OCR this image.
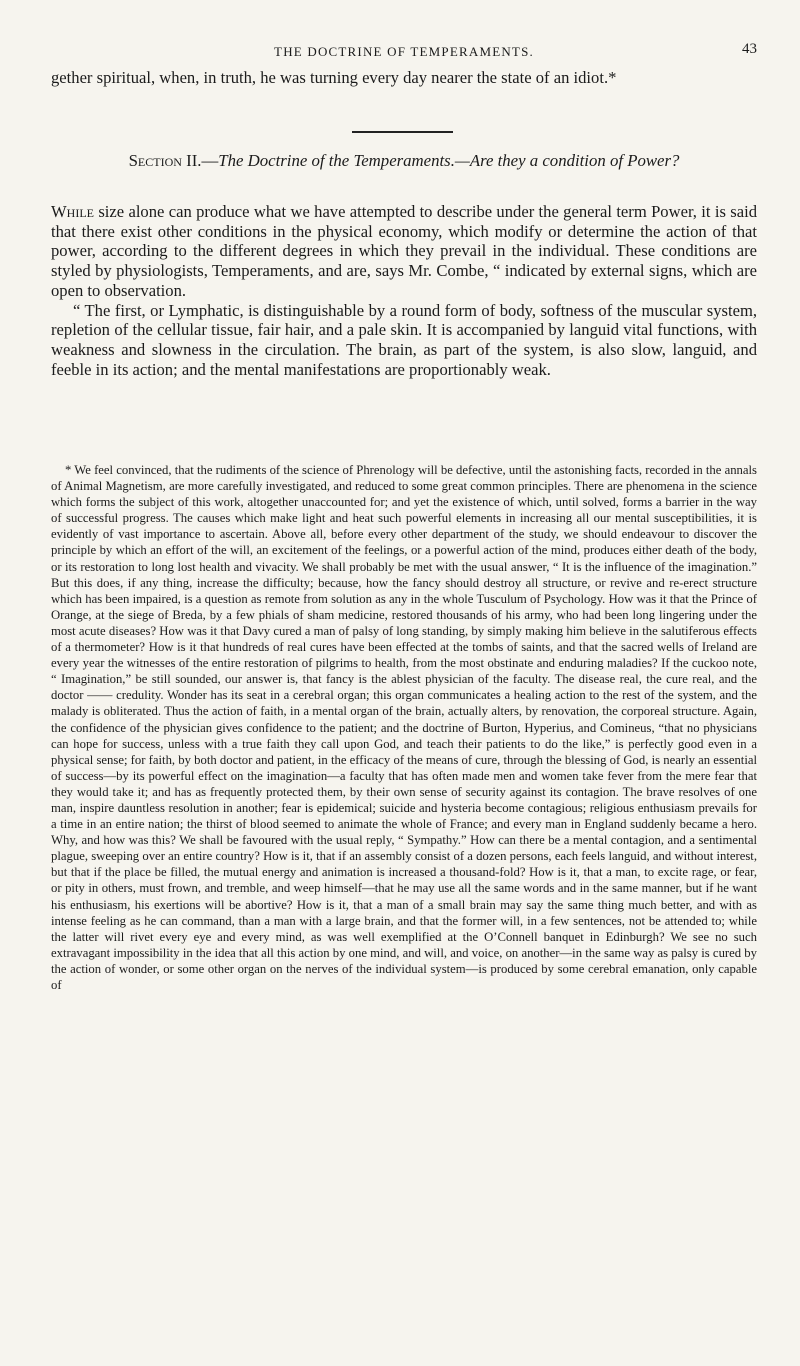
THE DOCTRINE OF TEMPERAMENTS.	43
gether spiritual, when, in truth, he was turning every day nearer the state of an idiot.*
Section II.—The Doctrine of the Temperaments.—Are they a condition of Power?

While size alone can produce what we have attempted to describe under the general term Power, it is said that there exist other conditions in the physical economy, which modify or determine the action of that power, according to the different degrees in which they prevail in the individual. These conditions are styled by physiologists, Temperaments, and are, says Mr. Combe, “ indicated by external signs, which are open to observation.

“ The first, or Lymphatic, is distinguishable by a round form of body, softness of the muscular system, repletion of the cellular tissue, fair hair, and a pale skin. It is accompanied by languid vital functions, with weakness and slowness in the circulation. The brain, as part of the system, is also slow, languid, and feeble in its action; and the mental manifestations are proportionably weak.

* We feel convinced, that the rudiments of the science of Phrenology will be defective, until the astonishing facts, recorded in the annals of Animal Magnetism, are more carefully investigated, and reduced to some great common principles. There are phenomena in the science which forms the subject of this work, altogether unaccounted for; and yet the existence of which, until solved, forms a barrier in the way of successful progress. The causes which make light and heat such powerful elements in increasing all our mental susceptibilities, it is evidently of vast importance to ascertain. Above all, before every other department of the study, we should endeavour to discover the principle by which an effort of the will, an excitement of the feelings, or a powerful action of the mind, produces either death of the body, or its restoration to long lost health and vivacity. We shall probably be met with the usual answer, “ It is the influence of the imagination.” But this does, if any thing, increase the difficulty; because, how the fancy should destroy all structure, or revive and re-erect structure which has been impaired, is a question as remote from solution as any in the whole Tusculum of Psychology. How was it that the Prince of Orange, at the siege of Breda, by a few phials of sham medicine, restored thousands of his army, who had been long lingering under the most acute diseases? How was it that Davy cured a man of palsy of long standing, by simply making him believe in the salutiferous effects of a thermometer? How is it that hundreds of real cures have been effected at the tombs of saints, and that the sacred wells of Ireland are every year the witnesses of the entire restoration of pilgrims to health, from the most obstinate and enduring maladies? If the cuckoo note, “ Imagination,” be still sounded, our answer is, that fancy is the ablest physician of the faculty. The disease real, the cure real, and the doctor —— credulity. Wonder has its seat in a cerebral organ; this organ communicates a healing action to the rest of the system, and the malady is obliterated. Thus the action of faith, in a mental organ of the brain, actually alters, by renovation, the corporeal structure. Again, the confidence of the physician gives confidence to the patient; and the doctrine of Burton, Hyperius, and Comineus, “that no physicians can hope for success, unless with a true faith they call upon God, and teach their patients to do the like,” is perfectly good even in a physical sense; for faith, by both doctor and patient, in the efficacy of the means of cure, through the blessing of God, is nearly an essential of success—by its powerful effect on the imagination—a faculty that has often made men and women take fever from the mere fear that they would take it; and has as frequently protected them, by their own sense of security against its contagion. The brave resolves of one man, inspire dauntless resolution in another; fear is epidemical; suicide and hysteria become contagious; religious enthusiasm prevails for a time in an entire nation; the thirst of blood seemed to animate the whole of France; and every man in England suddenly became a hero. Why, and how was this? We shall be favoured with the usual reply, “ Sympathy.” How can there be a mental contagion, and a sentimental plague, sweeping over an entire country? How is it, that if an assembly consist of a dozen persons, each feels languid, and without interest, but that if the place be filled, the mutual energy and animation is increased a thousand-fold? How is it, that a man, to excite rage, or fear, or pity in others, must frown, and tremble, and weep himself—that he may use all the same words and in the same manner, but if he want his enthusiasm, his exertions will be abortive? How is it, that a man of a small brain may say the same thing much better, and with as intense feeling as he can command, than a man with a large brain, and that the former will, in a few sentences, not be attended to; while the latter will rivet every eye and every mind, as was well exemplified at the O’Connell banquet in Edinburgh? We see no such extravagant impossibility in the idea that all this action by one mind, and will, and voice, on another—in the same way as palsy is cured by the action of wonder, or some other organ on the nerves of the individual system—is produced by some cerebral emanation, only capable of
